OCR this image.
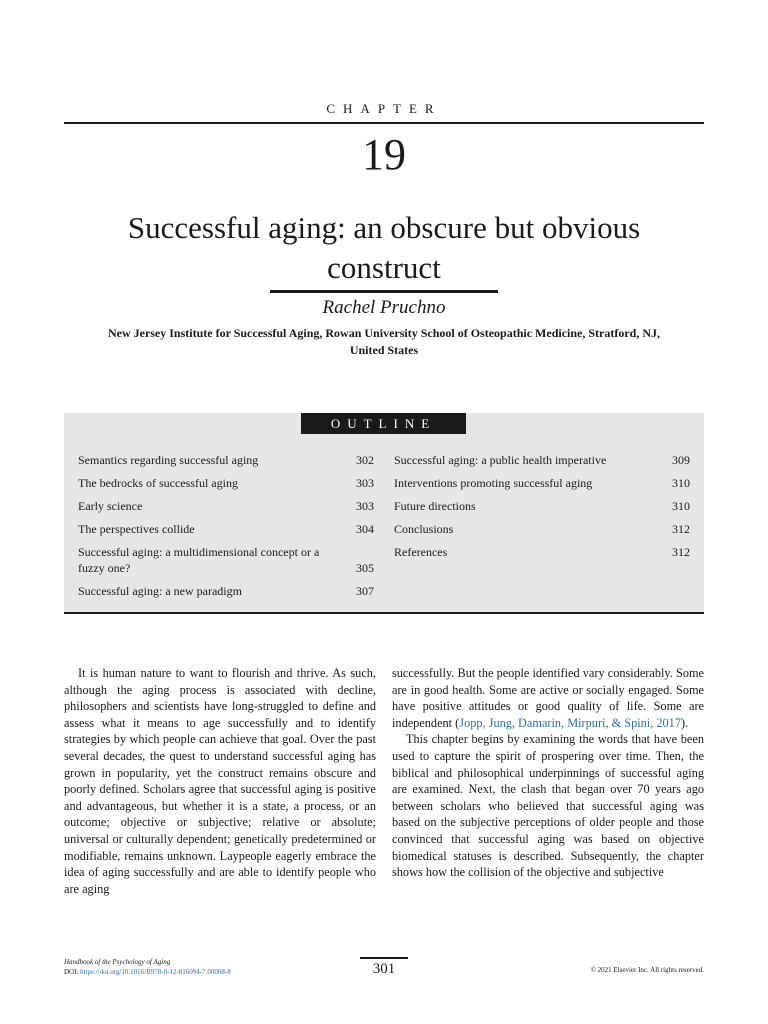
CHAPTER
19
Successful aging: an obscure but obvious construct
Rachel Pruchno
New Jersey Institute for Successful Aging, Rowan University School of Osteopathic Medicine, Stratford, NJ, United States
OUTLINE
Semantics regarding successful aging	302
The bedrocks of successful aging	303
Early science	303
The perspectives collide	304
Successful aging: a multidimensional concept or a fuzzy one?	305
Successful aging: a new paradigm	307
Successful aging: a public health imperative	309
Interventions promoting successful aging	310
Future directions	310
Conclusions	312
References	312

It is human nature to want to flourish and thrive. As such, although the aging process is associated with decline, philosophers and scientists have long-struggled to define and assess what it means to age successfully and to identify strategies by which people can achieve that goal. Over the past several decades, the quest to understand successful aging has grown in popularity, yet the construct remains obscure and poorly defined. Scholars agree that successful aging is positive and advantageous, but whether it is a state, a process, or an outcome; objective or subjective; relative or absolute; universal or culturally dependent; genetically predetermined or modifiable, remains unknown. Laypeople eagerly embrace the idea of aging successfully and are able to identify people who are aging

successfully. But the people identified vary considerably. Some are in good health. Some are active or socially engaged. Some have positive attitudes or good quality of life. Some are independent (Jopp, Jung, Damarin, Mirpuri, & Spini, 2017).

This chapter begins by examining the words that have been used to capture the spirit of prospering over time. Then, the biblical and philosophical underpinnings of successful aging are examined. Next, the clash that began over 70 years ago between scholars who believed that successful aging was based on the subjective perceptions of older people and those convinced that successful aging was based on objective biomedical statuses is described. Subsequently, the chapter shows how the collision of the objective and subjective

Handbook of the Psychology of Aging
DOI: https://doi.org/10.1016/B978-0-12-816094-7.00008-8	301	© 2021 Elsevier Inc. All rights reserved.
